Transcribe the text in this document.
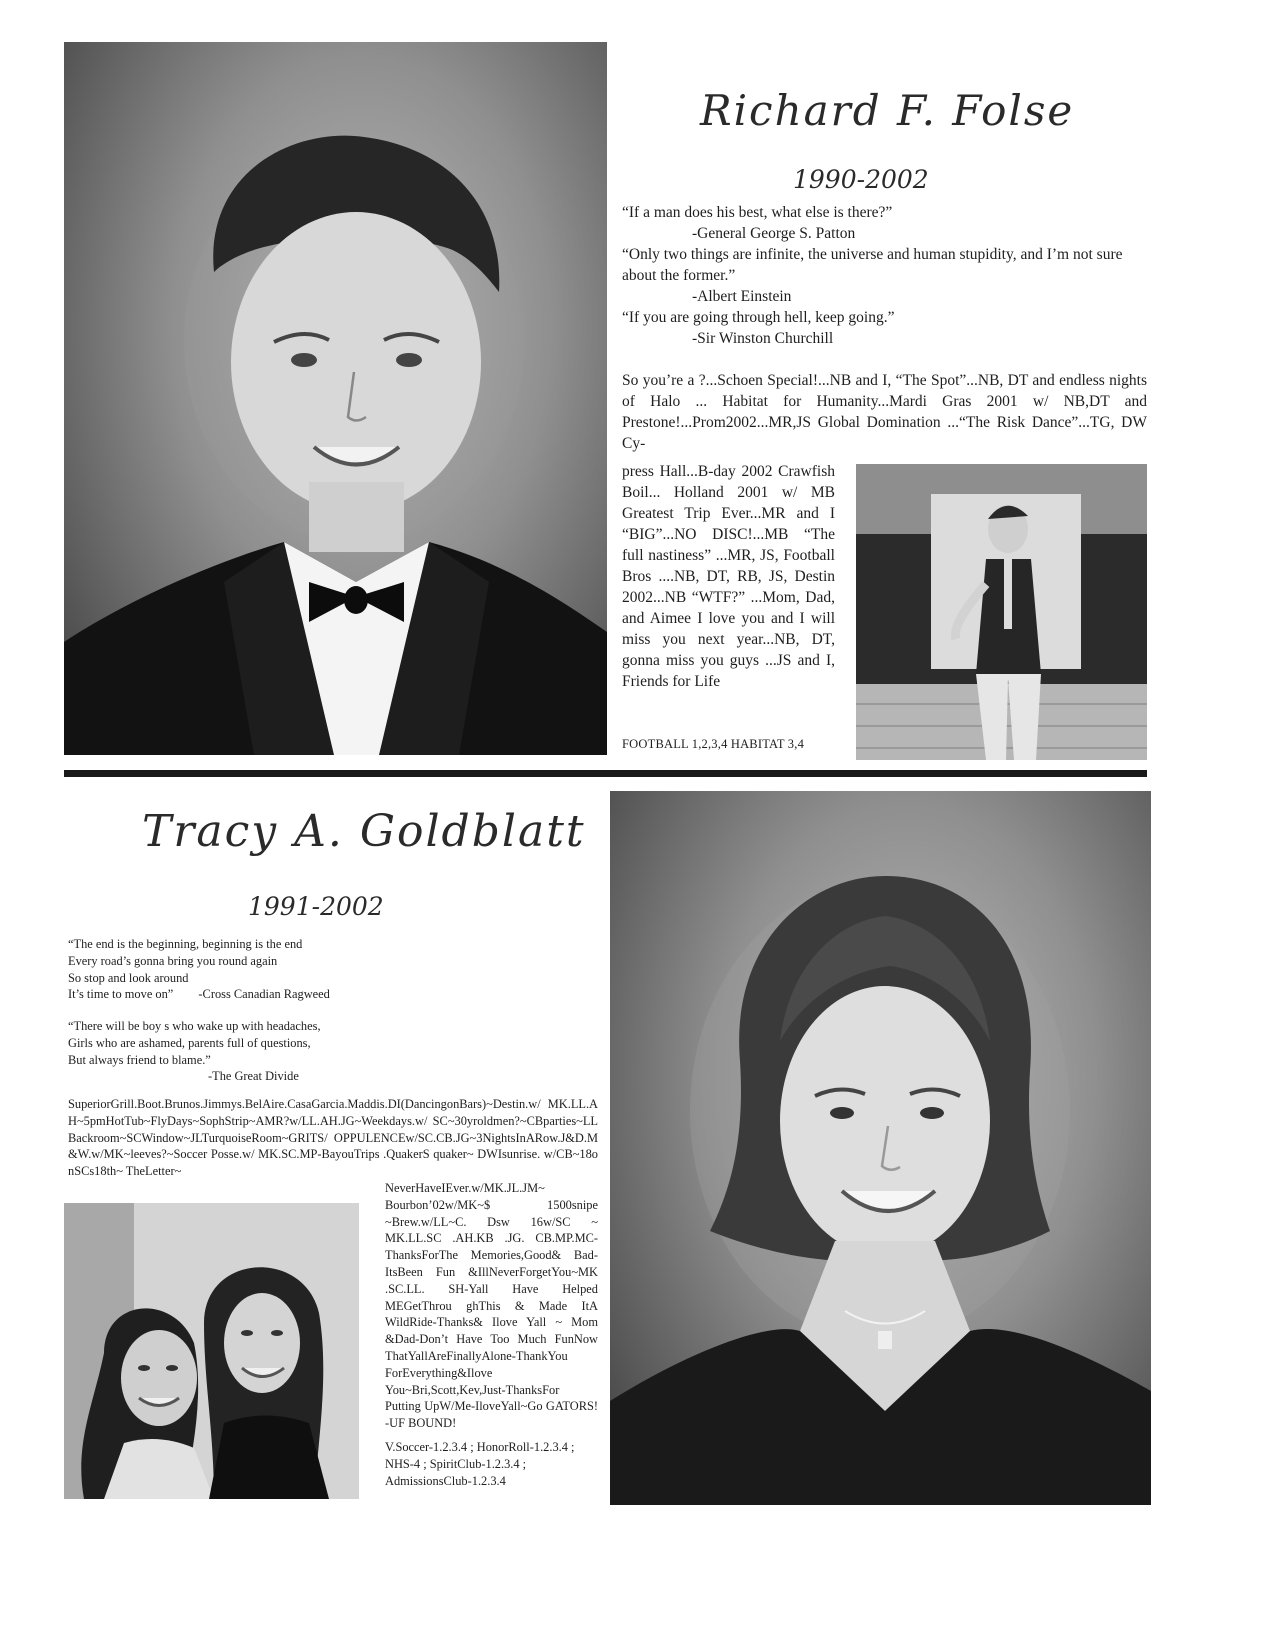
Richard F. Folse
1990-2002

“If a man does his best, what else is there?”

-General George S. Patton

“Only two things are infinite, the universe and human stupidity, and I’m not sure about the former.”

-Albert Einstein

“If you are going through hell, keep going.”

-Sir Winston Churchill

So you’re a ?...Schoen Special!...NB and I, “The Spot”...NB, DT and endless nights of Halo ... Habitat for Humanity...Mardi Gras 2001 w/ NB,DT and Prestone!...Prom2002...MR,JS Global Domination ...“The Risk Dance”...TG, DW Cy-

press Hall...B-day 2002 Crawfish Boil... Holland 2001 w/ MB Greatest Trip Ever...MR and I “BIG”...NO DISC!...MB “The full nastiness” ...MR, JS, Football Bros ....NB, DT, RB, JS, Destin 2002...NB “WTF?” ...Mom, Dad, and Aimee I love you and I will miss you next year...NB, DT, gonna miss you guys ...JS and I, Friends for Life

FOOTBALL 1,2,3,4 HABITAT 3,4
Tracy A. Goldblatt
1991-2002

“The end is the beginning, beginning is the end

Every road’s gonna bring you round again

So stop and look around

It’s time to move on” -Cross Canadian Ragweed

“There will be boy s who wake up with headaches,

Girls who are ashamed, parents full of questions,

But always friend to blame.”

-The Great Divide

SuperiorGrill.Boot.Brunos.Jimmys.BelAire.CasaGarcia.Maddis.DI(DancingonBars)~Destin.w/ MK.LL.AH~5pmHotTub~FlyDays~SophStrip~AMR?w/LL.AH.JG~Weekdays.w/ SC~30yroldmen?~CBparties~LLBackroom~SCWindow~JLTurquoiseRoom~GRITS/ OPPULENCEw/SC.CB.JG~3NightsInARow.J&D.M&W.w/MK~leeves?~Soccer Posse.w/ MK.SC.MP-BayouTrips .QuakerS quaker~ DWIsunrise. w/CB~18onSCs18th~ TheLetter~

NeverHaveIEver.w/MK.JL.JM~ Bourbon’02w/MK~$ 1500snipe ~Brew.w/LL~C. Dsw 16w/SC ~ MK.LL.SC .AH.KB .JG. CB.MP.MC- ThanksForThe Memories,Good& Bad-ItsBeen Fun &IllNeverForgetYou~MK .SC.LL. SH-Yall Have Helped MEGetThrou ghThis & Made ItA WildRide-Thanks& Ilove Yall ~ Mom &Dad-Don’t Have Too Much FunNow ThatYallAreFinallyAlone-ThankYou ForEverything&Ilove You~Bri,Scott,Kev,Just-ThanksFor Putting UpW/Me-IloveYall~Go GATORS! -UF BOUND!

V.Soccer-1.2.3.4 ; HonorRoll-1.2.3.4 ; NHS-4 ; SpiritClub-1.2.3.4 ; AdmissionsClub-1.2.3.4
